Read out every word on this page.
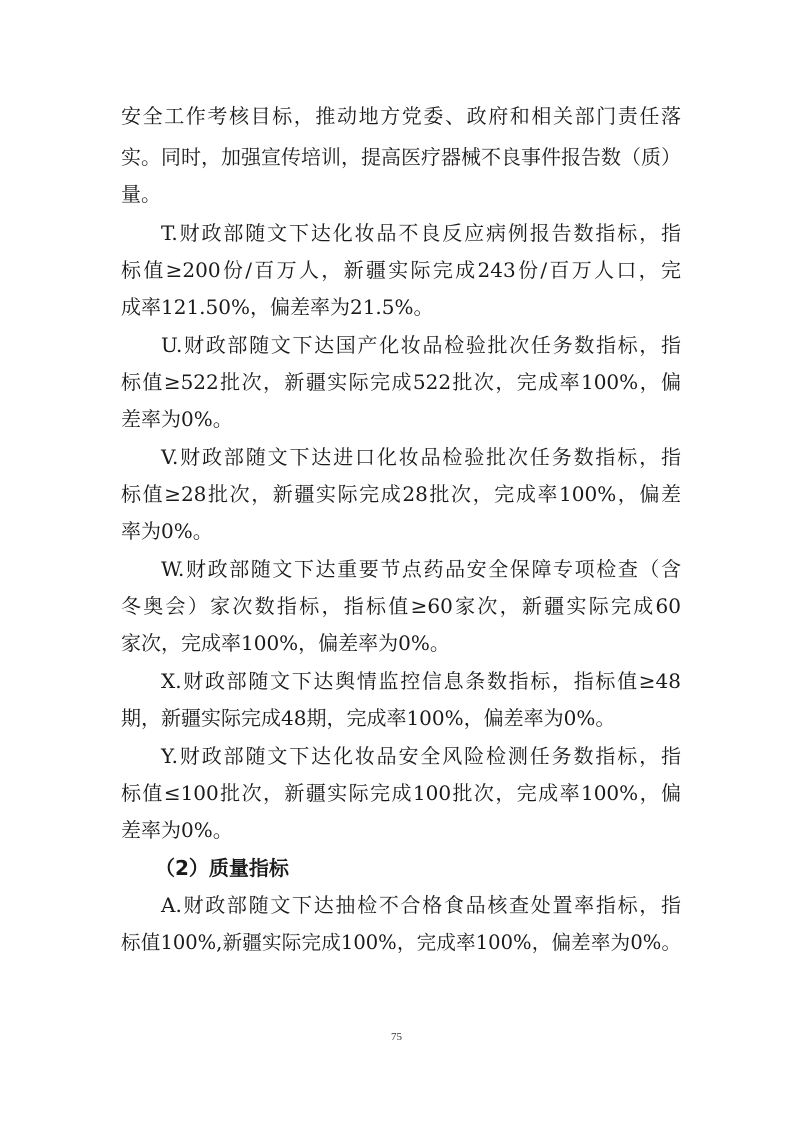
安全工作考核目标，推动地方党委、政府和相关部门责任落
实。同时，加强宣传培训，提高医疗器械不良事件报告数（质）
量。
T.财政部随文下达化妆品不良反应病例报告数指标，指
标值≥200份/百万人，新疆实际完成243份/百万人口，完
成率121.50%，偏差率为21.5%。
U.财政部随文下达国产化妆品检验批次任务数指标，指
标值≥522批次，新疆实际完成522批次，完成率100%，偏
差率为0%。
V.财政部随文下达进口化妆品检验批次任务数指标，指
标值≥28批次，新疆实际完成28批次，完成率100%，偏差
率为0%。
W.财政部随文下达重要节点药品安全保障专项检查（含
冬奥会）家次数指标，指标值≥60家次，新疆实际完成60
家次，完成率100%，偏差率为0%。
X.财政部随文下达舆情监控信息条数指标，指标值≥48
期，新疆实际完成48期，完成率100%，偏差率为0%。
Y.财政部随文下达化妆品安全风险检测任务数指标，指
标值≤100批次，新疆实际完成100批次，完成率100%，偏
差率为0%。
（2）质量指标
A.财政部随文下达抽检不合格食品核查处置率指标，指
标值100%,新疆实际完成100%，完成率100%，偏差率为0%。
75
